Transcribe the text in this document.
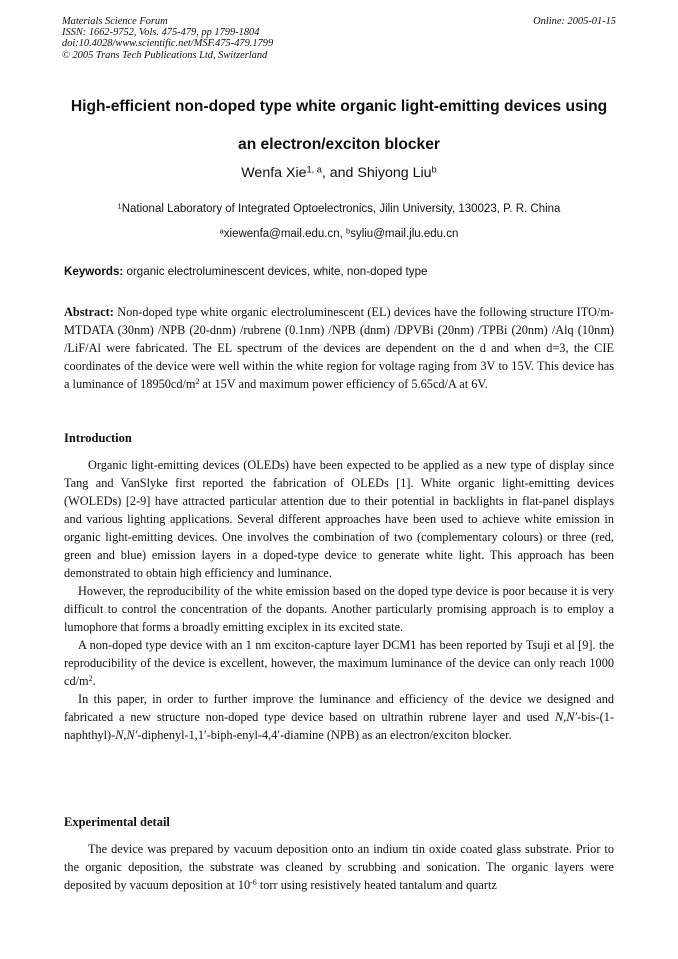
Materials Science Forum
ISSN: 1662-9752, Vols. 475-479, pp 1799-1804
doi:10.4028/www.scientific.net/MSF.475-479.1799
© 2005 Trans Tech Publications Ltd, Switzerland
Online: 2005-01-15
High-efficient non-doped type white organic light-emitting devices using
an electron/exciton blocker
Wenfa Xie$^{1, a}$, and Shiyong Liu$^b$
$^1$National Laboratory of Integrated Optoelectronics, Jilin University, 130023, P. R. China
$^a$xiewenfa@mail.edu.cn, $^b$syliu@mail.jlu.edu.cn
Keywords: organic electroluminescent devices, white, non-doped type
Abstract: Non-doped type white organic electroluminescent (EL) devices have the following structure ITO/m-MTDATA (30nm) /NPB (20-dnm) /rubrene (0.1nm) /NPB (dnm) /DPVBi (20nm) /TPBi (20nm) /Alq (10nm) /LiF/Al were fabricated. The EL spectrum of the devices are dependent on the d and when d=3, the CIE coordinates of the device were well within the white region for voltage raging from 3V to 15V. This device has a luminance of $18950cd/m^2$ at 15V and maximum power efficiency of 5.65cd/A at 6V.
Introduction

Organic light-emitting devices (OLEDs) have been expected to be applied as a new type of display since Tang and VanSlyke first reported the fabrication of OLEDs [1]. White organic light-emitting devices (WOLEDs) [2-9] have attracted particular attention due to their potential in backlights in flat-panel displays and various lighting applications. Several different approaches have been used to achieve white emission in organic light-emitting devices. One involves the combination of two (complementary colours) or three (red, green and blue) emission layers in a doped-type device to generate white light. This approach has been demonstrated to obtain high efficiency and luminance.

However, the reproducibility of the white emission based on the doped type device is poor because it is very difficult to control the concentration of the dopants. Another particularly promising approach is to employ a lumophore that forms a broadly emitting exciplex in its excited state.

A non-doped type device with an 1 nm exciton-capture layer DCM1 has been reported by Tsuji et al [9]. the reproducibility of the device is excellent, however, the maximum luminance of the device can only reach 1000 $cd/m^2$.

In this paper, in order to further improve the luminance and efficiency of the device we designed and fabricated a new structure non-doped type device based on ultrathin rubrene layer and used N,N′-bis-(1-naphthyl)-N,N′-diphenyl-1,1′-biph-enyl-4,4′-diamine (NPB) as an electron/exciton blocker.

Experimental detail

The device was prepared by vacuum deposition onto an indium tin oxide coated glass substrate. Prior to the organic deposition, the substrate was cleaned by scrubbing and sonication. The organic layers were deposited by vacuum deposition at $10^{-6}$ torr using resistively heated tantalum and quartz
